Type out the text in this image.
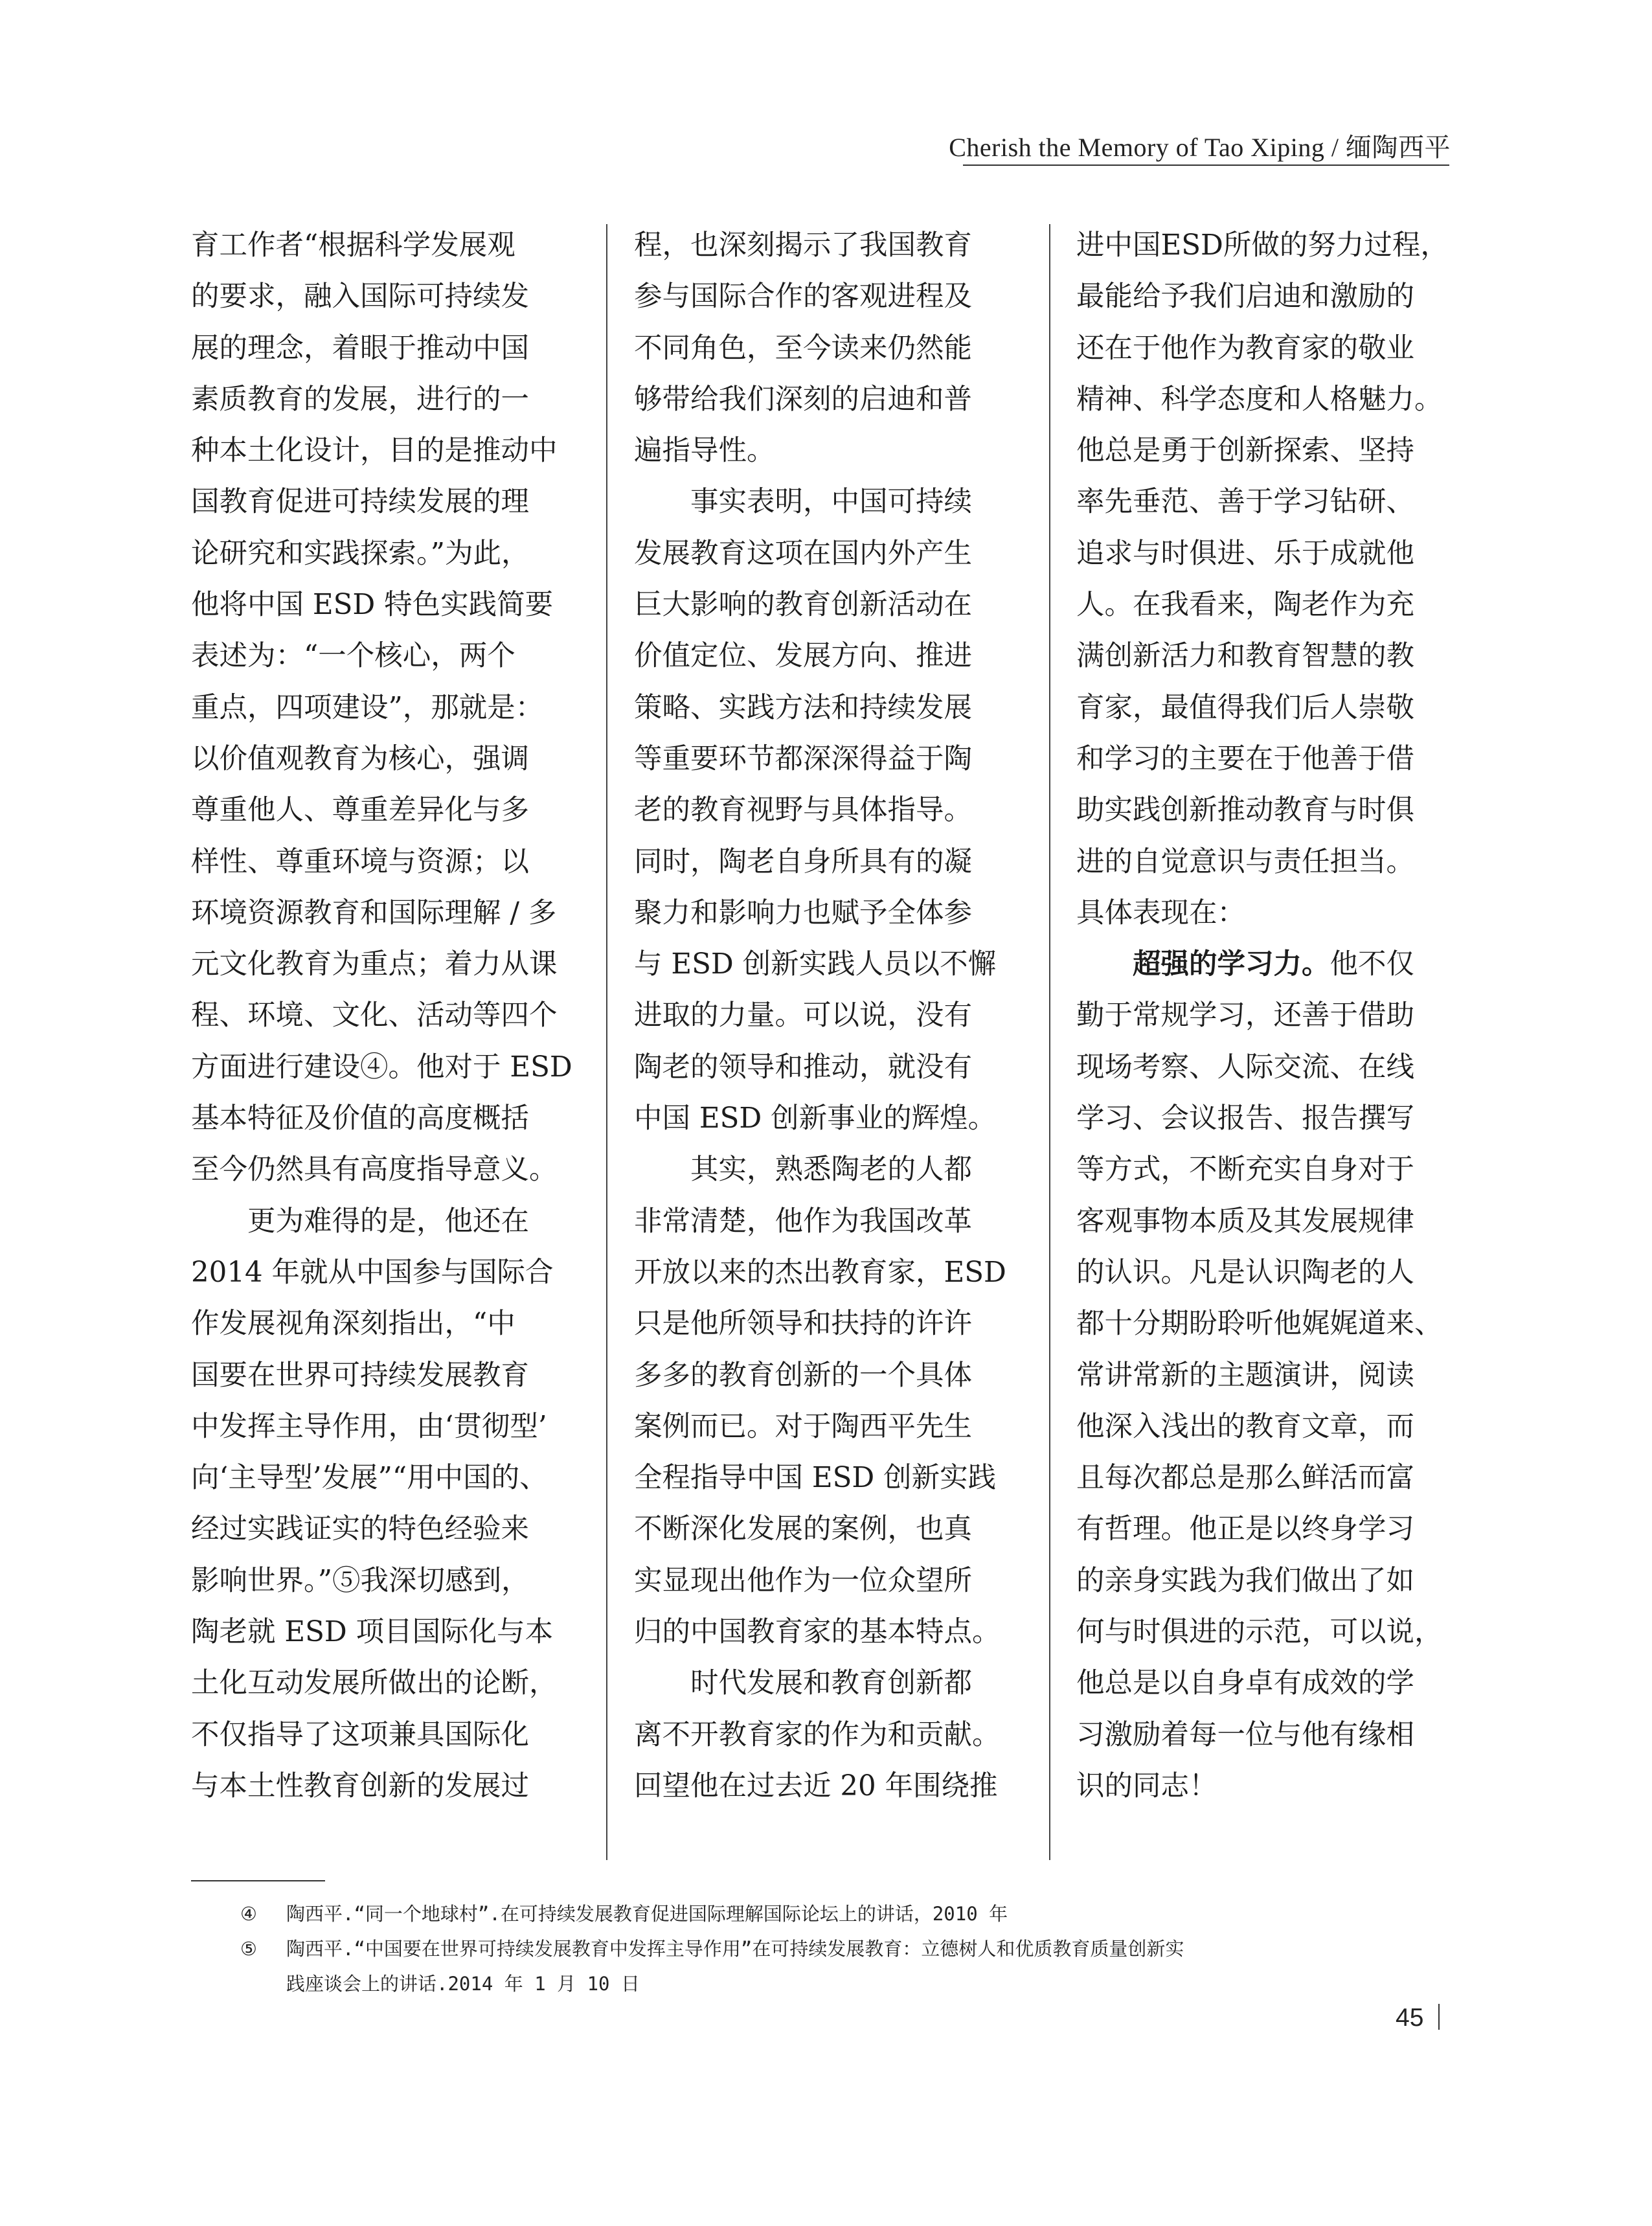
Cherish the Memory of Tao Xiping / 缅陶西平

育工作者“根据科学发展观

的要求，融入国际可持续发

展的理念，着眼于推动中国

素质教育的发展，进行的一

种本土化设计，目的是推动中

国教育促进可持续发展的理

论研究和实践探索。”为此，

他将中国 ESD 特色实践简要

表述为：“一个核心，两个

重点，四项建设”，那就是：

以价值观教育为核心，强调

尊重他人、尊重差异化与多

样性、尊重环境与资源；以

环境资源教育和国际理解 / 多

元文化教育为重点；着力从课

程、环境、文化、活动等四个

方面进行建设④。他对于 ESD

基本特征及价值的高度概括

至今仍然具有高度指导意义。

　　更为难得的是，他还在

2014 年就从中国参与国际合

作发展视角深刻指出，“中

国要在世界可持续发展教育

中发挥主导作用，由‘贯彻型’

向‘主导型’发展”“用中国的、

经过实践证实的特色经验来

影响世界。”⑤我深切感到，

陶老就 ESD 项目国际化与本

土化互动发展所做出的论断，

不仅指导了这项兼具国际化

与本土性教育创新的发展过

程，也深刻揭示了我国教育

参与国际合作的客观进程及

不同角色，至今读来仍然能

够带给我们深刻的启迪和普

遍指导性。

　　事实表明，中国可持续

发展教育这项在国内外产生

巨大影响的教育创新活动在

价值定位、发展方向、推进

策略、实践方法和持续发展

等重要环节都深深得益于陶

老的教育视野与具体指导。

同时，陶老自身所具有的凝

聚力和影响力也赋予全体参

与 ESD 创新实践人员以不懈

进取的力量。可以说，没有

陶老的领导和推动，就没有

中国 ESD 创新事业的辉煌。

　　其实，熟悉陶老的人都

非常清楚，他作为我国改革

开放以来的杰出教育家，ESD

只是他所领导和扶持的许许

多多的教育创新的一个具体

案例而已。对于陶西平先生

全程指导中国 ESD 创新实践

不断深化发展的案例，也真

实显现出他作为一位众望所

归的中国教育家的基本特点。

　　时代发展和教育创新都

离不开教育家的作为和贡献。

回望他在过去近 20 年围绕推

进中国ESD所做的努力过程，

最能给予我们启迪和激励的

还在于他作为教育家的敬业

精神、科学态度和人格魅力。

他总是勇于创新探索、坚持

率先垂范、善于学习钻研、

追求与时俱进、乐于成就他

人。在我看来，陶老作为充

满创新活力和教育智慧的教

育家，最值得我们后人崇敬

和学习的主要在于他善于借

助实践创新推动教育与时俱

进的自觉意识与责任担当。

具体表现在：

　　超强的学习力。他不仅

勤于常规学习，还善于借助

现场考察、人际交流、在线

学习、会议报告、报告撰写

等方式，不断充实自身对于

客观事物本质及其发展规律

的认识。凡是认识陶老的人

都十分期盼聆听他娓娓道来、

常讲常新的主题演讲，阅读

他深入浅出的教育文章，而

且每次都总是那么鲜活而富

有哲理。他正是以终身学习

的亲身实践为我们做出了如

何与时俱进的示范，可以说，

他总是以自身卓有成效的学

习激励着每一位与他有缘相

识的同志！

④	陶西平.“同一个地球村”.在可持续发展教育促进国际理解国际论坛上的讲话，2010 年
⑤	陶西平.“中国要在世界可持续发展教育中发挥主导作用”在可持续发展教育：立德树人和优质教育质量创新实
践座谈会上的讲话.2014 年 1 月 10 日
45
